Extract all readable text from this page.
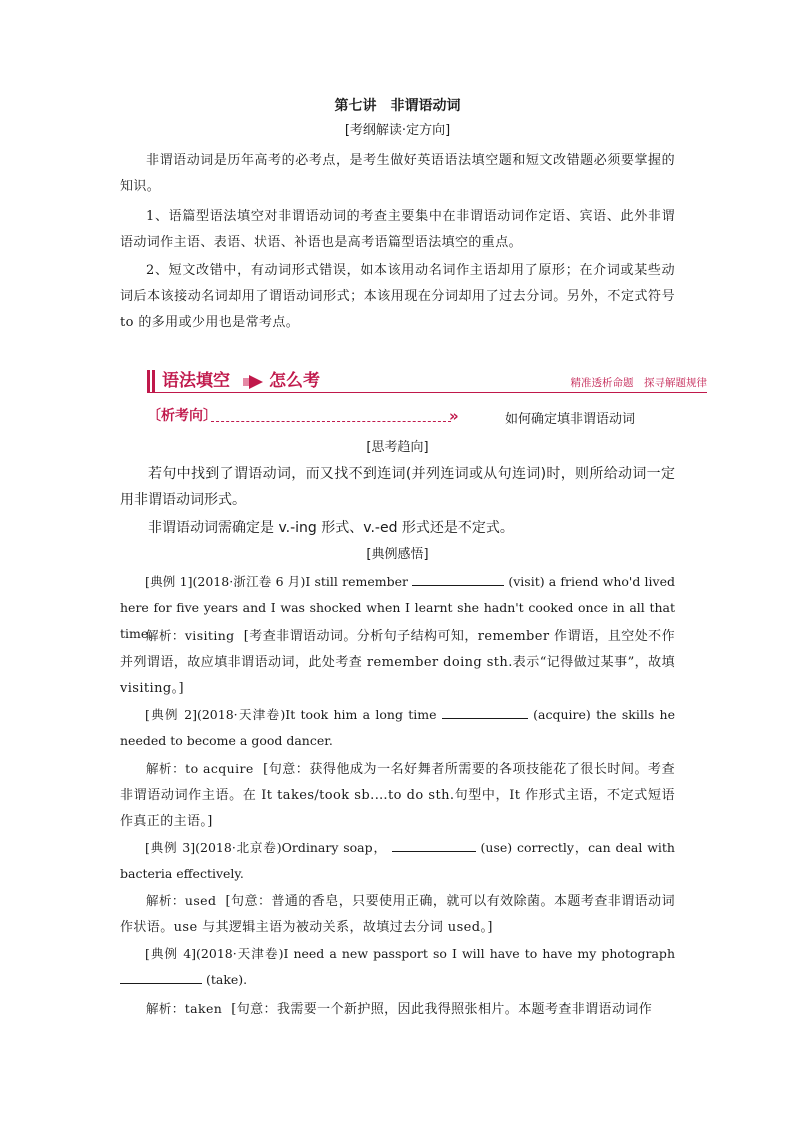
第七讲　非谓语动词
[考纲解读·定方向]
非谓语动词是历年高考的必考点，是考生做好英语语法填空题和短文改错题必须要掌握的知识。
1、语篇型语法填空对非谓语动词的考查主要集中在非谓语动词作定语、宾语、此外非谓语动词作主语、表语、状语、补语也是高考语篇型语法填空的重点。
2、短文改错中，有动词形式错误，如本该用动名词作主语却用了原形；在介词或某些动词后本该接动名词却用了谓语动词形式；本该用现在分词却用了过去分词。另外，不定式符号 to 的多用或少用也是常考点。
语法填空 怎么考	精准透析命题　探寻解题规律
〔析考向〕	»	如何确定填非谓语动词
[思考趋向]
若句中找到了谓语动词，而又找不到连词(并列连词或从句连词)时，则所给动词一定用非谓语动词形式。
非谓语动词需确定是 v.-ing 形式、v.-ed 形式还是不定式。
[典例感悟]
[典例 1](2018·浙江卷 6 月)I still remember	(visit) a friend who'd lived here for five years and I was shocked when I learnt she hadn't cooked once in all that time.
解析：visiting [考查非谓语动词。分析句子结构可知，remember 作谓语，且空处不作并列谓语，故应填非谓语动词，此处考查 remember doing sth.表示“记得做过某事”，故填 visiting。]
[典例 2](2018·天津卷)It took him a long time	(acquire) the skills he needed to become a good dancer.
解析：to acquire [句意：获得他成为一名好舞者所需要的各项技能花了很长时间。考查非谓语动词作主语。在 It takes/took sb.…to do sth.句型中，It 作形式主语，不定式短语作真正的主语。]
[典例 3](2018·北京卷)Ordinary soap，	(use) correctly，can deal with bacteria effectively.
解析：used [句意：普通的香皂，只要使用正确，就可以有效除菌。本题考查非谓语动词作状语。use 与其逻辑主语为被动关系，故填过去分词 used。]
[典例 4](2018·天津卷)I need a new passport so I will have to have my photograph  (take).
解析：taken [句意：我需要一个新护照，因此我得照张相片。本题考查非谓语动词作
